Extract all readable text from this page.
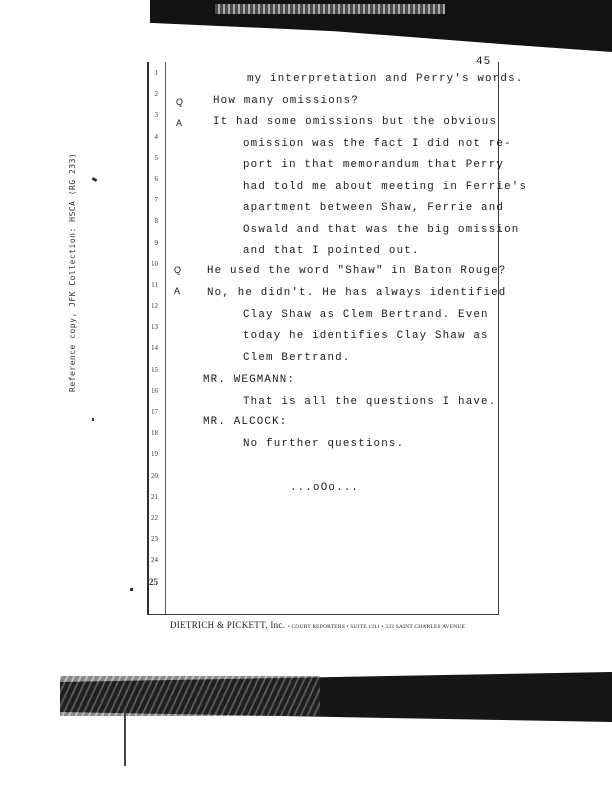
Reference copy, JFK Collection: HSCA (RG 233)
45
1
2
3
4
5
6
7
8
9
10
11
12
13
14
15
16
17
18
19
20
21
22
23
24
25
Q
A
Q
A
my interpretation and Perry's words.
How many omissions?
It had some omissions but the obvious
omission was the fact I did not re-
port in that memorandum that Perry
had told me about meeting in Ferrie's
apartment between Shaw, Ferrie and
Oswald and that was the big omission
and that I pointed out.
He used the word "Shaw" in Baton Rouge?
No, he didn't. He has always identified
Clay Shaw as Clem Bertrand. Even
today he identifies Clay Shaw as
Clem Bertrand.
MR. WEGMANN:
That is all the questions I have.
MR. ALCOCK:
No further questions.
...oOo...
DIETRICH & PICKETT, Inc. • COURT REPORTERS • SUITE 1211 • 333 SAINT CHARLES AVENUE
